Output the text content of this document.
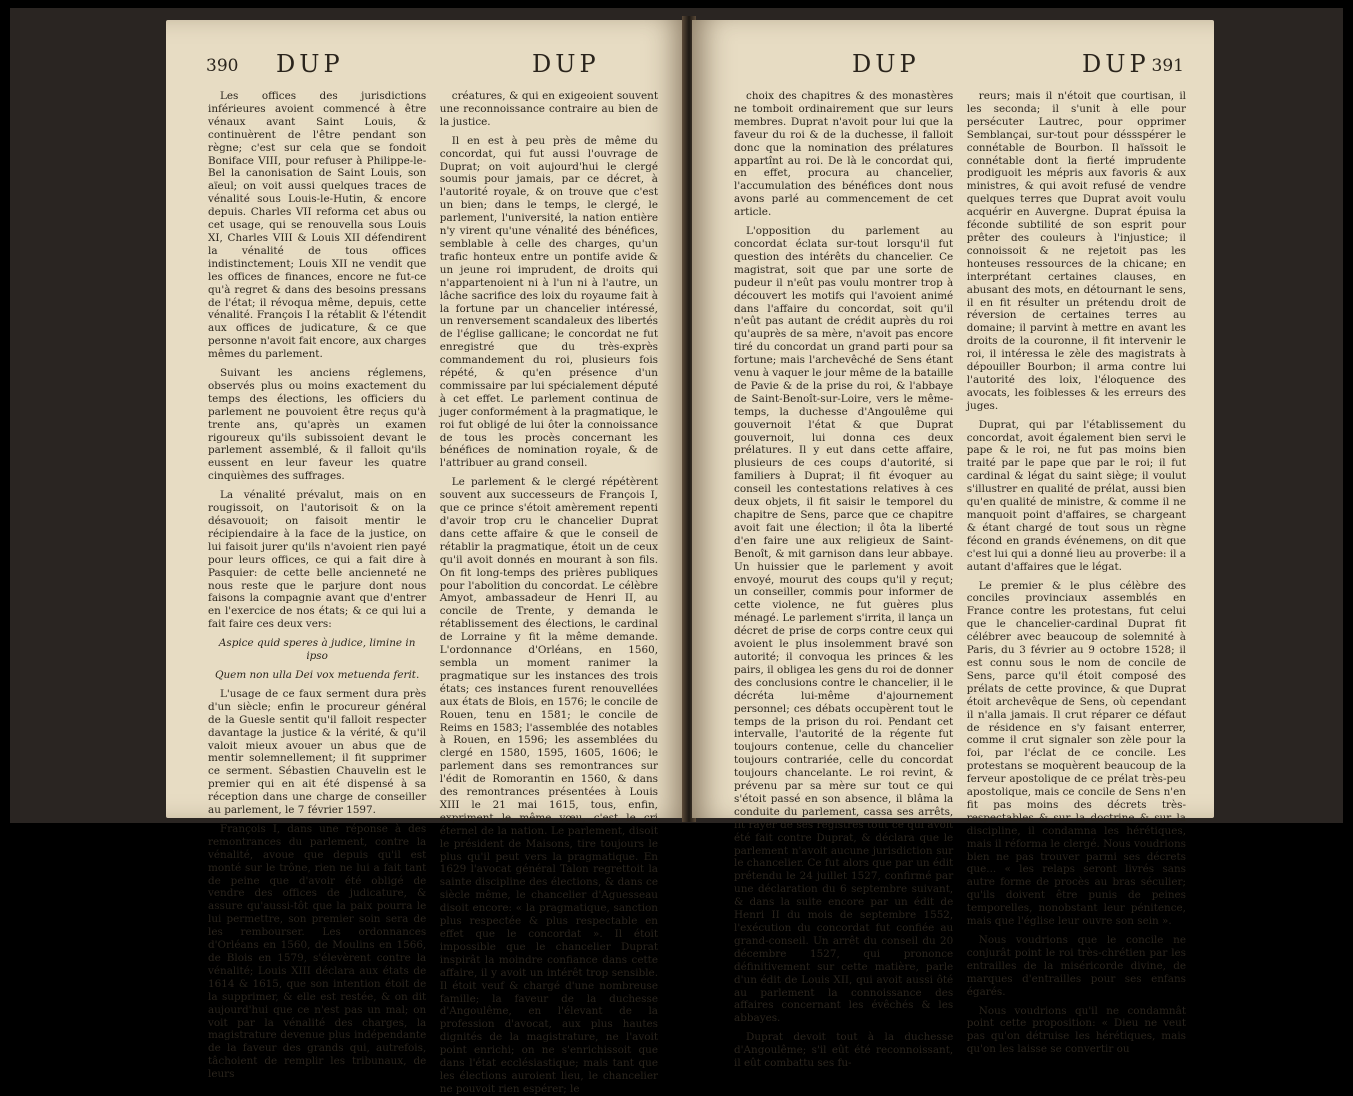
390 DUP	DUP

Les offices des jurisdictions inférieures avoient commencé à être vénaux avant Saint Louis, & continuèrent de l'être pendant son règne; c'est sur cela que se fondoit Boniface VIII, pour refuser à Philippe-le-Bel la canonisation de Saint Louis, son aïeul; on voit aussi quelques traces de vénalité sous Louis-le-Hutin, & encore depuis. Charles VII reforma cet abus ou cet usage, qui se renouvella sous Louis XI, Charles VIII & Louis XII défendirent la vénalité de tous offices indistinctement; Louis XII ne vendit que les offices de finances, encore ne fut-ce qu'à regret & dans des besoins pressans de l'état; il révoqua même, depuis, cette vénalité. François I la rétablit & l'étendit aux offices de judicature, & ce que personne n'avoit fait encore, aux charges mêmes du parlement.

Suivant les anciens réglemens, observés plus ou moins exactement du temps des élections, les officiers du parlement ne pouvoient être reçus qu'à trente ans, qu'après un examen rigoureux qu'ils subissoient devant le parlement assemblé, & il falloit qu'ils eussent en leur faveur les quatre cinquièmes des suffrages.

La vénalité prévalut, mais on en rougissoit, on l'autorisoit & on la désavouoit; on faisoit mentir le récipiendaire à la face de la justice, on lui faisoit jurer qu'ils n'avoient rien payé pour leurs offices, ce qui a fait dire à Pasquier: de cette belle ancienneté ne nous reste que le parjure dont nous faisons la compagnie avant que d'entrer en l'exercice de nos états; & ce qui lui a fait faire ces deux vers:

Aspice quid speres à judice, limine in ipso

Quem non ulla Dei vox metuenda ferit.

L'usage de ce faux serment dura près d'un siècle; enfin le procureur général de la Guesle sentit qu'il falloit respecter davantage la justice & la vérité, & qu'il valoit mieux avouer un abus que de mentir solemnellement; il fit supprimer ce serment. Sébastien Chauvelin est le premier qui en ait été dispensé à sa réception dans une charge de conseiller au parlement, le 7 février 1597.

François I, dans une réponse à des remontrances du parlement, contre la vénalité, avoue que depuis qu'il est monté sur le trône, rien ne lui a fait tant de peine que d'avoir été obligé de vendre des offices de judicature, & assure qu'aussi-tôt que la paix pourra le lui permettre, son premier soin sera de les rembourser. Les ordonnances d'Orléans en 1560, de Moulins en 1566, de Blois en 1579, s'élevèrent contre la vénalité; Louis XIII déclara aux états de 1614 & 1615, que son intention étoit de la supprimer, & elle est restée, & on dit aujourd'hui que ce n'est pas un mal; on voit par la vénalité des charges, la magistrature devenue plus indépendante de la faveur des grands qui, autrefois, tâchoient de remplir les tribunaux, de leurs

créatures, & qui en exigeoient souvent une reconnoissance contraire au bien de la justice.

Il en est à peu près de même du concordat, qui fut aussi l'ouvrage de Duprat; on voit aujourd'hui le clergé soumis pour jamais, par ce décret, à l'autorité royale, & on trouve que c'est un bien; dans le temps, le clergé, le parlement, l'université, la nation entière n'y virent qu'une vénalité des bénéfices, semblable à celle des charges, qu'un trafic honteux entre un pontife avide & un jeune roi imprudent, de droits qui n'appartenoient ni à l'un ni à l'autre, un lâche sacrifice des loix du royaume fait à la fortune par un chancelier intéressé, un renversement scandaleux des libertés de l'église gallicane; le concordat ne fut enregistré que du très-exprès commandement du roi, plusieurs fois répété, & qu'en présence d'un commissaire par lui spécialement député à cet effet. Le parlement continua de juger conformément à la pragmatique, le roi fut obligé de lui ôter la connoissance de tous les procès concernant les bénéfices de nomination royale, & de l'attribuer au grand conseil.

Le parlement & le clergé répétèrent souvent aux successeurs de François I, que ce prince s'étoit amèrement repenti d'avoir trop cru le chancelier Duprat dans cette affaire & que le conseil de rétablir la pragmatique, étoit un de ceux qu'il avoit donnés en mourant à son fils. On fit long-temps des prières publiques pour l'abolition du concordat. Le célèbre Amyot, ambassadeur de Henri II, au concile de Trente, y demanda le rétablissement des élections, le cardinal de Lorraine y fit la même demande. L'ordonnance d'Orléans, en 1560, sembla un moment ranimer la pragmatique sur les instances des trois états; ces instances furent renouvellées aux états de Blois, en 1576; le concile de Rouen, tenu en 1581; le concile de Reims en 1583; l'assemblée des notables à Rouen, en 1596; les assemblées du clergé en 1580, 1595, 1605, 1606; le parlement dans ses remontrances sur l'édit de Romorantin en 1560, & dans des remontrances présentées à Louis XIII le 21 mai 1615, tous, enfin, expriment le même vœu, c'est le cri éternel de la nation. Le parlement, disoit le président de Maisons, tire toujours le plus qu'il peut vers la pragmatique. En 1629 l'avocat général Talon regrettoit la sainte discipline des élections, & dans ce siècle même, le chancelier d'Aguesseau disoit encore: « la pragmatique, sanction plus respectée & plus respectable en effet que le concordat ». Il étoit impossible que le chancelier Duprat inspirât la moindre confiance dans cette affaire, il y avoit un intérêt trop sensible. Il étoit veuf & chargé d'une nombreuse famille; la faveur de la duchesse d'Angoulême, en l'élevant de la profession d'avocat, aux plus hautes dignités de la magistrature, ne l'avoit point enrichi; on ne s'enrichissoit que dans l'état ecclésiastique; mais tant que les élections auroient lieu, le chancelier ne pouvoit rien espérer; le

DUP	DUP 391

choix des chapitres & des monastères ne tomboit ordinairement que sur leurs membres. Duprat n'avoit pour lui que la faveur du roi & de la duchesse, il falloit donc que la nomination des prélatures appartînt au roi. De là le concordat qui, en effet, procura au chancelier, l'accumulation des bénéfices dont nous avons parlé au commencement de cet article.

L'opposition du parlement au concordat éclata sur-tout lorsqu'il fut question des intérêts du chancelier. Ce magistrat, soit que par une sorte de pudeur il n'eût pas voulu montrer trop à découvert les motifs qui l'avoient animé dans l'affaire du concordat, soit qu'il n'eût pas autant de crédit auprès du roi qu'auprès de sa mère, n'avoit pas encore tiré du concordat un grand parti pour sa fortune; mais l'archevêché de Sens étant venu à vaquer le jour même de la bataille de Pavie & de la prise du roi, & l'abbaye de Saint-Benoît-sur-Loire, vers le même-temps, la duchesse d'Angoulême qui gouvernoit l'état & que Duprat gouvernoit, lui donna ces deux prélatures. Il y eut dans cette affaire, plusieurs de ces coups d'autorité, si familiers à Duprat; il fit évoquer au conseil les contestations relatives à ces deux objets, il fit saisir le temporel du chapitre de Sens, parce que ce chapitre avoit fait une élection; il ôta la liberté d'en faire une aux religieux de Saint-Benoît, & mit garnison dans leur abbaye. Un huissier que le parlement y avoit envoyé, mourut des coups qu'il y reçut; un conseiller, commis pour informer de cette violence, ne fut guères plus ménagé. Le parlement s'irrita, il lança un décret de prise de corps contre ceux qui avoient le plus insolemment bravé son autorité; il convoqua les princes & les pairs, il obligea les gens du roi de donner des conclusions contre le chancelier, il le décréta lui-même d'ajournement personnel; ces débats occupèrent tout le temps de la prison du roi. Pendant cet intervalle, l'autorité de la régente fut toujours contenue, celle du chancelier toujours contrariée, celle du concordat toujours chancelante. Le roi revint, & prévenu par sa mère sur tout ce qui s'étoit passé en son absence, il blâma la conduite du parlement, cassa ses arrêts, fit rayer de ses registres tout ce qui avoit été fait contre Duprat, & déclara que le parlement n'avoit aucune jurisdiction sur le chancelier. Ce fut alors que par un édit prétendu le 24 juillet 1527, confirmé par une déclaration du 6 septembre suivant, & dans la suite encore par un édit de Henri II du mois de septembre 1552, l'exécution du concordat fut confiée au grand-conseil. Un arrêt du conseil du 20 décembre 1527, qui prononce définitivement sur cette matière, parle d'un édit de Louis XII, qui avoit aussi ôté au parlement la connoissance des affaires concernant les évêchés & les abbayes.

Duprat devoit tout à la duchesse d'Angoulême; s'il eût été reconnoissant, il eût combattu ses fu-

reurs; mais il n'étoit que courtisan, il les seconda; il s'unit à elle pour persécuter Lautrec, pour opprimer Semblançai, sur-tout pour déssspérer le connétable de Bourbon. Il haïssoit le connétable dont la fierté imprudente prodiguoit les mépris aux favoris & aux ministres, & qui avoit refusé de vendre quelques terres que Duprat avoit voulu acquérir en Auvergne. Duprat épuisa la féconde subtilité de son esprit pour prêter des couleurs à l'injustice; il connoissoit & ne rejetoit pas les honteuses ressources de la chicane; en interprétant certaines clauses, en abusant des mots, en détournant le sens, il en fit résulter un prétendu droit de réversion de certaines terres au domaine; il parvint à mettre en avant les droits de la couronne, il fit intervenir le roi, il intéressa le zèle des magistrats à dépouiller Bourbon; il arma contre lui l'autorité des loix, l'éloquence des avocats, les foiblesses & les erreurs des juges.

Duprat, qui par l'établissement du concordat, avoit également bien servi le pape & le roi, ne fut pas moins bien traité par le pape que par le roi; il fut cardinal & légat du saint siège; il voulut s'illustrer en qualité de prélat, aussi bien qu'en qualité de ministre, & comme il ne manquoit point d'affaires, se chargeant & étant chargé de tout sous un règne fécond en grands événemens, on dit que c'est lui qui a donné lieu au proverbe: il a autant d'affaires que le légat.

Le premier & le plus célèbre des conciles provinciaux assemblés en France contre les protestans, fut celui que le chancelier-cardinal Duprat fit célébrer avec beaucoup de solemnité à Paris, du 3 février au 9 octobre 1528; il est connu sous le nom de concile de Sens, parce qu'il étoit composé des prélats de cette province, & que Duprat étoit archevêque de Sens, où cependant il n'alla jamais. Il crut réparer ce défaut de résidence en s'y faisant enterrer, comme il crut signaler son zèle pour la foi, par l'éclat de ce concile. Les protestans se moquèrent beaucoup de la ferveur apostolique de ce prélat très-peu apostolique, mais ce concile de Sens n'en fit pas moins des décrets très-respectables & sur la doctrine & sur la discipline, il condamna les hérétiques, mais il réforma le clergé. Nous voudrions bien ne pas trouver parmi ses décrets que... « les relaps seront livrés sans autre forme de procès au bras séculier; qu'ils doivent être punis de peines temporelles, nonobstant leur pénitence, mais que l'église leur ouvre son sein ».

Nous voudrions que le concile ne conjurât point le roi très-chrétien par les entrailles de la miséricorde divine, de marques d'entrailles pour ses enfans égarés.

Nous voudrions qu'il ne condamnât point cette proposition: « Dieu ne veut pas qu'on détruise les hérétiques, mais qu'on les laisse se convertir ou
